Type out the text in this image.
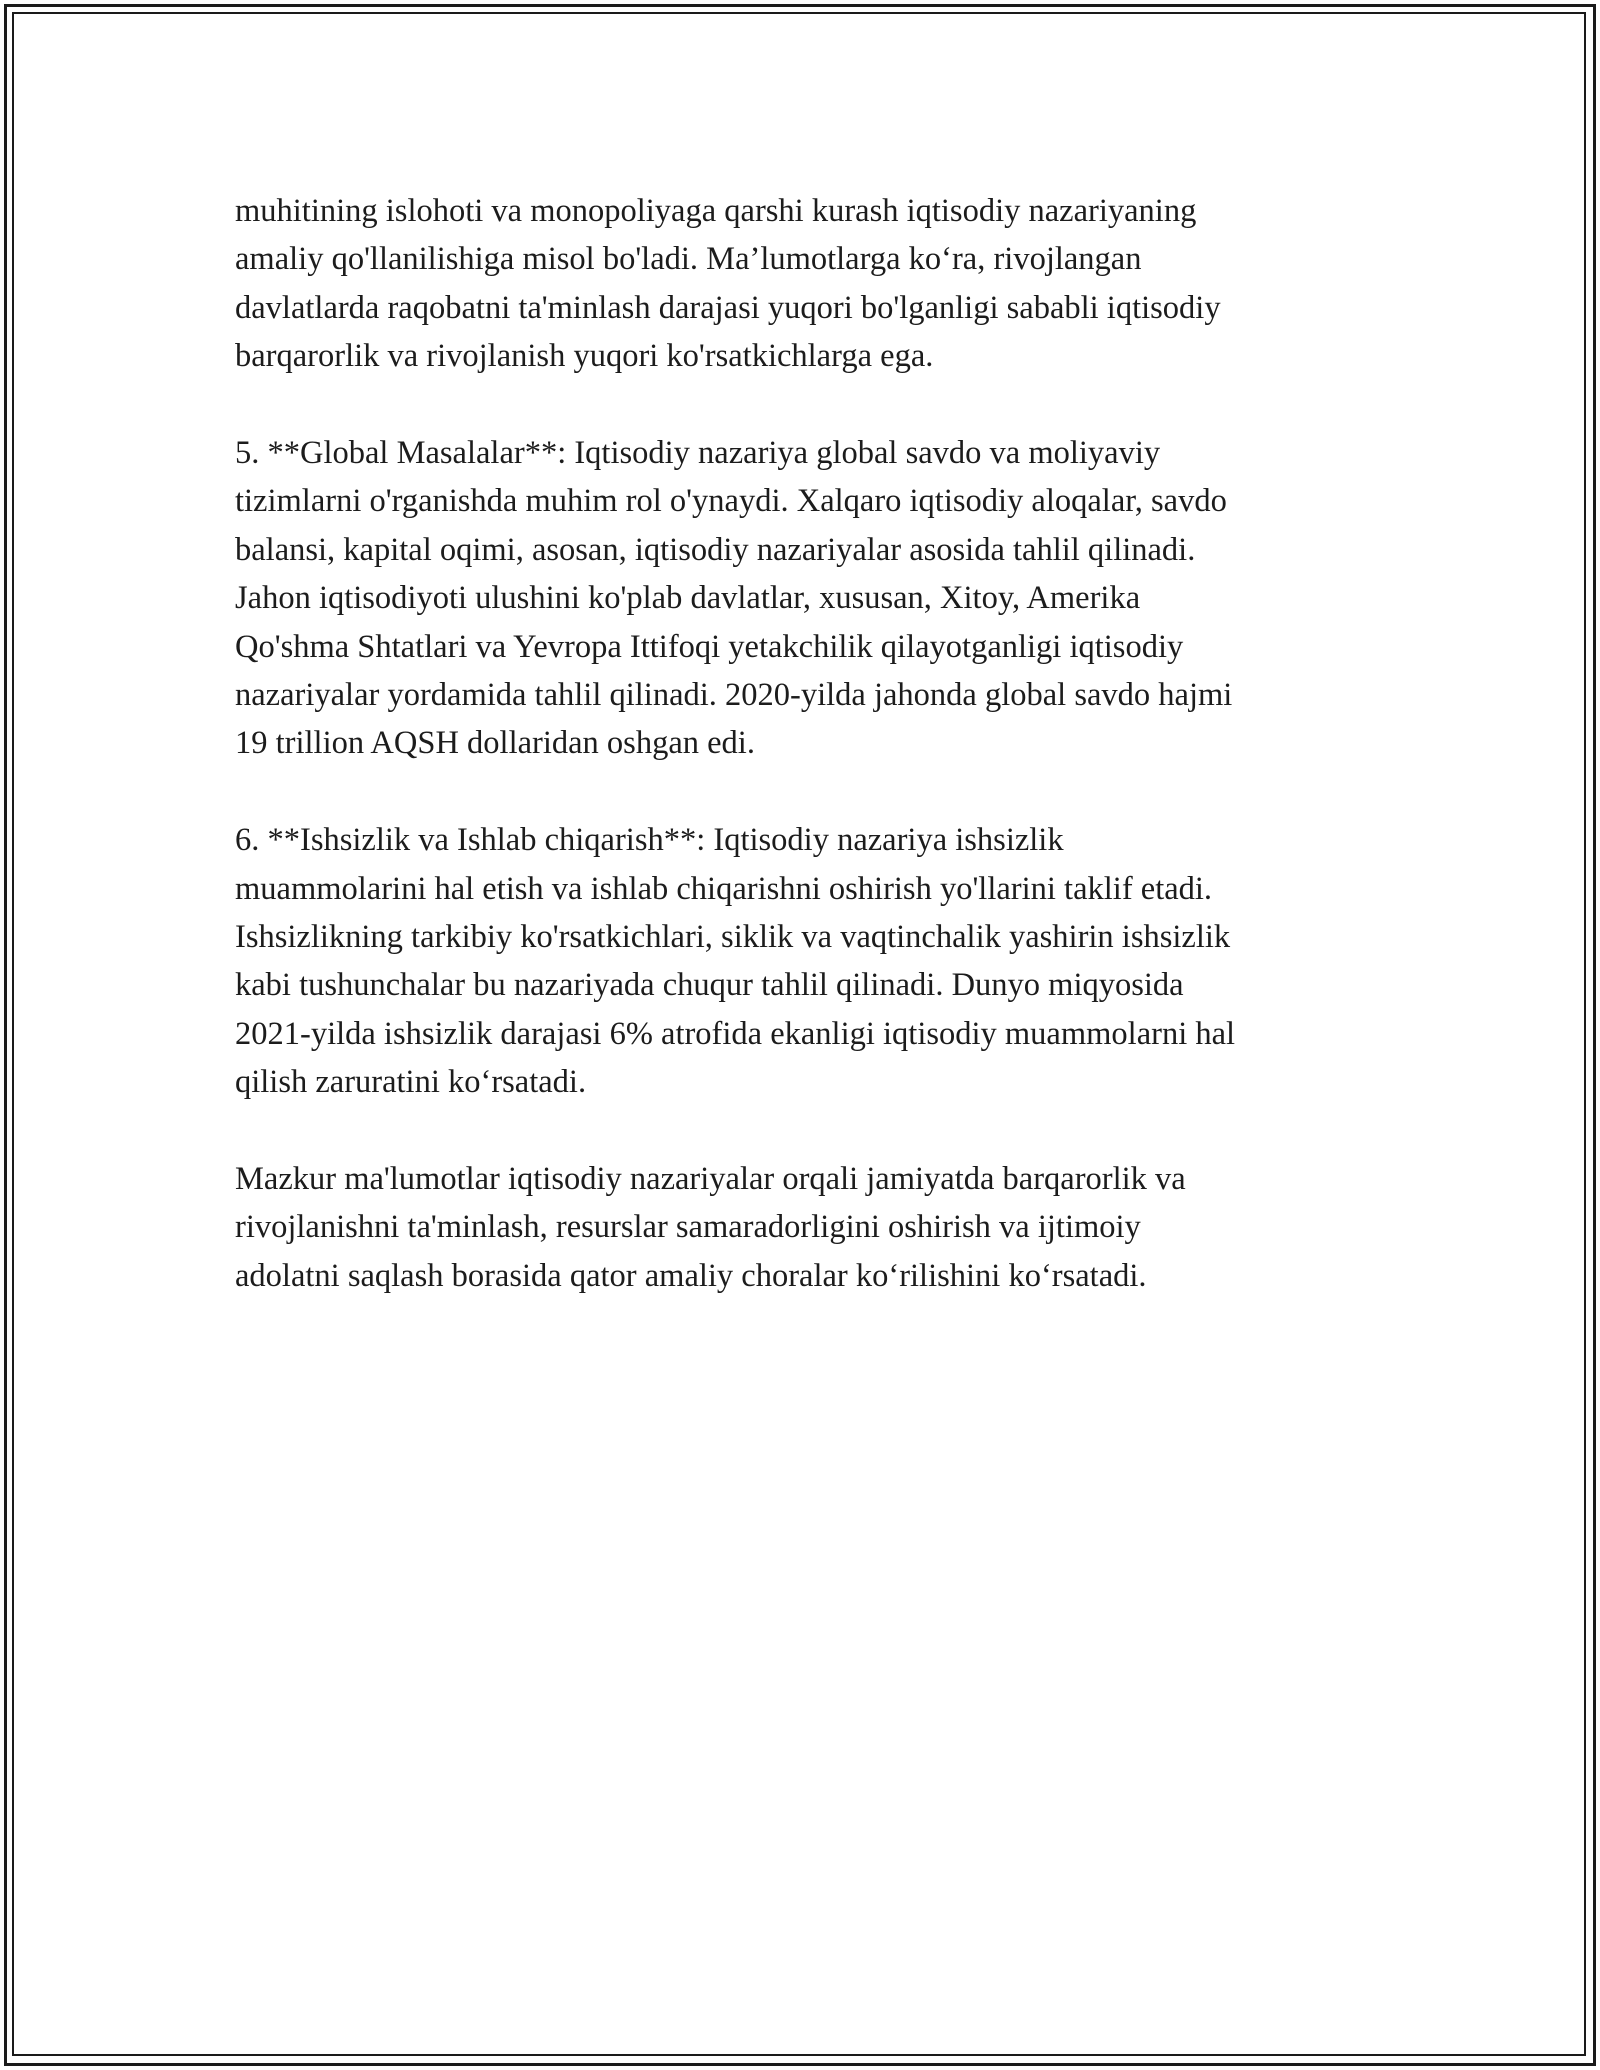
muhitining islohoti va monopoliyaga qarshi kurash iqtisodiy nazariyaning
amaliy qo'llanilishiga misol bo'ladi. Ma’lumotlarga ko‘ra, rivojlangan
davlatlarda raqobatni ta'minlash darajasi yuqori bo'lganligi sababli iqtisodiy
barqarorlik va rivojlanish yuqori ko'rsatkichlarga ega.

5. **Global Masalalar**: Iqtisodiy nazariya global savdo va moliyaviy
tizimlarni o'rganishda muhim rol o'ynaydi. Xalqaro iqtisodiy aloqalar, savdo
balansi, kapital oqimi, asosan, iqtisodiy nazariyalar asosida tahlil qilinadi.
Jahon iqtisodiyoti ulushini ko'plab davlatlar, xususan, Xitoy, Amerika
Qo'shma Shtatlari va Yevropa Ittifoqi yetakchilik qilayotganligi iqtisodiy
nazariyalar yordamida tahlil qilinadi. 2020-yilda jahonda global savdo hajmi
19 trillion AQSH dollaridan oshgan edi.

6. **Ishsizlik va Ishlab chiqarish**: Iqtisodiy nazariya ishsizlik
muammolarini hal etish va ishlab chiqarishni oshirish yo'llarini taklif etadi.
Ishsizlikning tarkibiy ko'rsatkichlari, siklik va vaqtinchalik yashirin ishsizlik
kabi tushunchalar bu nazariyada chuqur tahlil qilinadi. Dunyo miqyosida
2021-yilda ishsizlik darajasi 6% atrofida ekanligi iqtisodiy muammolarni hal
qilish zaruratini ko‘rsatadi.

Mazkur ma'lumotlar iqtisodiy nazariyalar orqali jamiyatda barqarorlik va
rivojlanishni ta'minlash, resurslar samaradorligini oshirish va ijtimoiy
adolatni saqlash borasida qator amaliy choralar ko‘rilishini ko‘rsatadi.
